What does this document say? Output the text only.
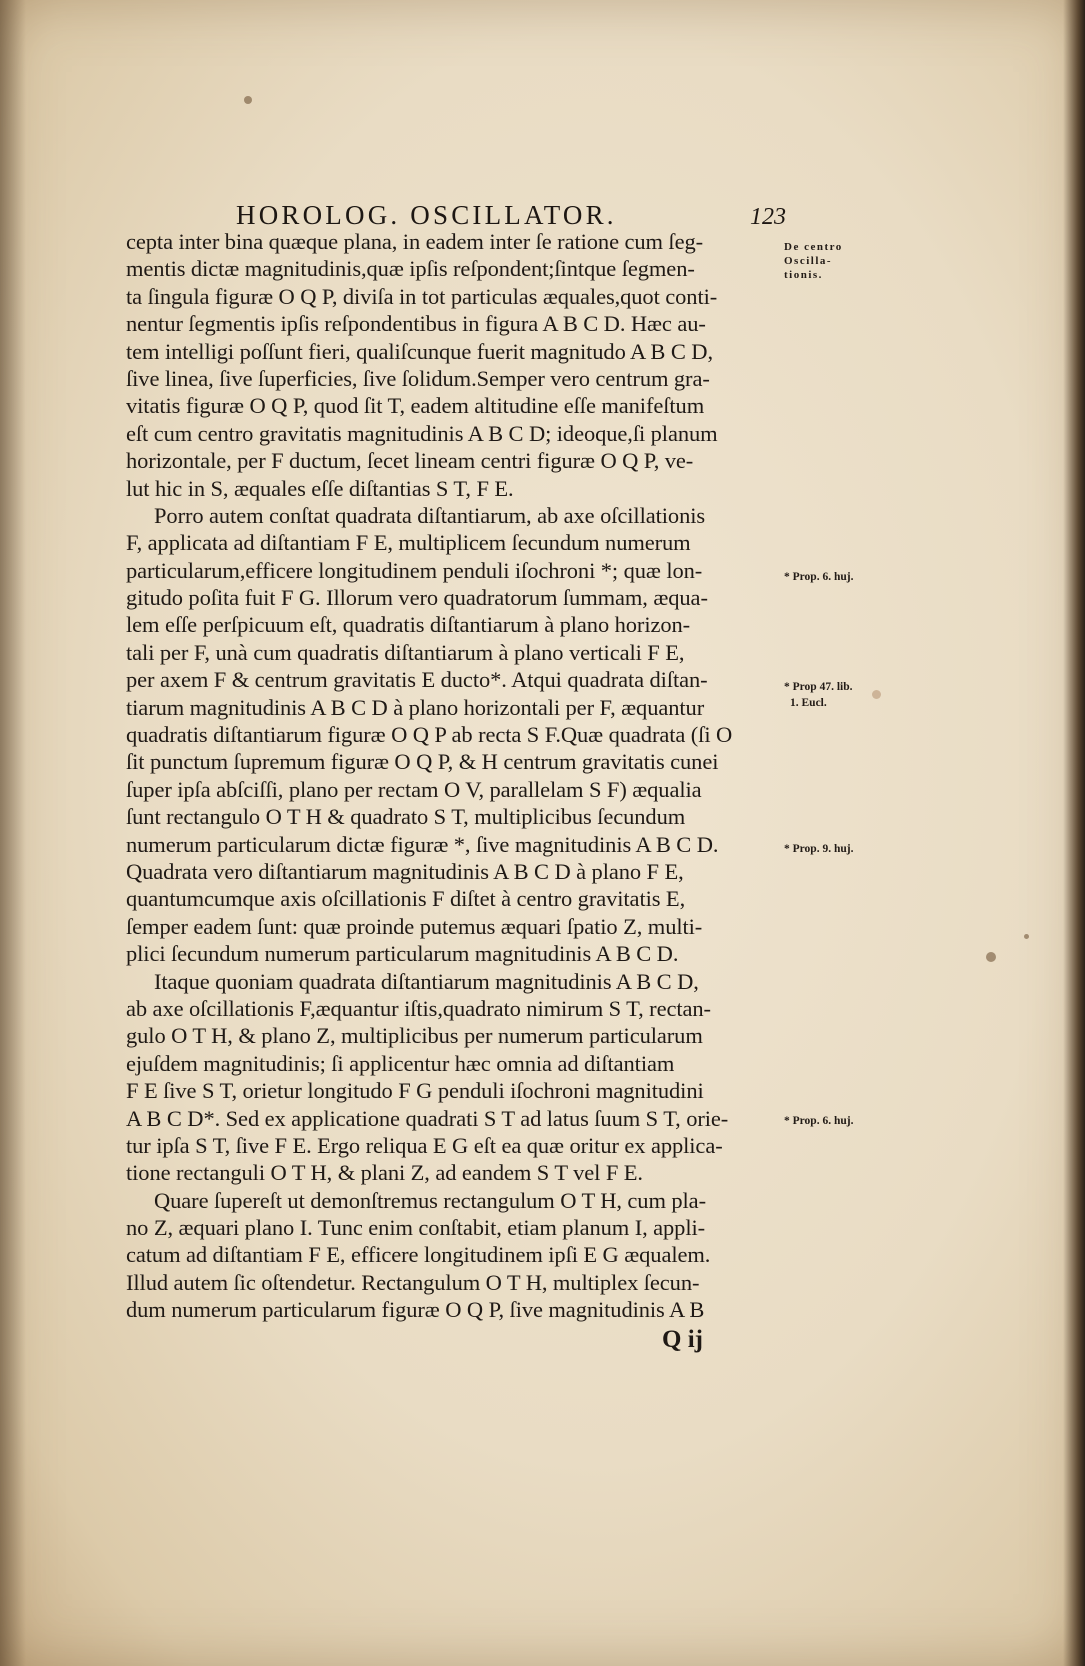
HOROLOG. OSCILLATOR.	123
cepta inter bina quæque plana, in eadem inter ſe ratione cum ſeg-
mentis dictæ magnitudinis,quæ ipſis reſpondent;ſintque ſegmen-
ta ſingula figuræ O Q P, diviſa in tot particulas æquales,quot conti-
nentur ſegmentis ipſis reſpondentibus in figura A B C D. Hæc au-
tem intelligi poſſunt fieri, qualiſcunque fuerit magnitudo A B C D,
ſive linea, ſive ſuperficies, ſive ſolidum.Semper vero centrum gra-
vitatis figuræ O Q P, quod ſit T, eadem altitudine eſſe manifeſtum
eſt cum centro gravitatis magnitudinis A B C D; ideoque,ſi planum
horizontale, per F ductum, ſecet lineam centri figuræ O Q P, ve-
lut hic in S, æquales eſſe diſtantias S T, F E.
Porro autem conſtat quadrata diſtantiarum, ab axe oſcillationis
F, applicata ad diſtantiam F E, multiplicem ſecundum numerum
particularum,efficere longitudinem penduli iſochroni *; quæ lon-
gitudo poſita fuit F G. Illorum vero quadratorum ſummam, æqua-
lem eſſe perſpicuum eſt, quadratis diſtantiarum à plano horizon-
tali per F, unà cum quadratis diſtantiarum à plano verticali F E,
per axem F & centrum gravitatis E ducto*. Atqui quadrata diſtan-
tiarum magnitudinis A B C D à plano horizontali per F, æquantur
quadratis diſtantiarum figuræ O Q P ab recta S F.Quæ quadrata (ſi O
ſit punctum ſupremum figuræ O Q P, & H centrum gravitatis cunei
ſuper ipſa abſciſſi, plano per rectam O V, parallelam S F) æqualia
ſunt rectangulo O T H & quadrato S T, multiplicibus ſecundum
numerum particularum dictæ figuræ *, ſive magnitudinis A B C D.
Quadrata vero diſtantiarum magnitudinis A B C D à plano F E,
quantumcumque axis oſcillationis F diſtet à centro gravitatis E,
ſemper eadem ſunt: quæ proinde putemus æquari ſpatio Z, multi-
plici ſecundum numerum particularum magnitudinis A B C D.
Itaque quoniam quadrata diſtantiarum magnitudinis A B C D,
ab axe oſcillationis F,æquantur iſtis,quadrato nimirum S T, rectan-
gulo O T H, & plano Z, multiplicibus per numerum particularum
ejuſdem magnitudinis; ſi applicentur hæc omnia ad diſtantiam
F E ſive S T, orietur longitudo F G penduli iſochroni magnitudini
A B C D*. Sed ex applicatione quadrati S T ad latus ſuum S T, orie-
tur ipſa S T, ſive F E. Ergo reliqua E G eſt ea quæ oritur ex applica-
tione rectanguli O T H, & plani Z, ad eandem S T vel F E.
Quare ſupereſt ut demonſtremus rectangulum O T H, cum pla-
no Z, æquari plano I. Tunc enim conſtabit, etiam planum I, appli-
catum ad diſtantiam F E, efficere longitudinem ipſi E G æqualem.
Illud autem ſic oſtendetur. Rectangulum O T H, multiplex ſecun-
dum numerum particularum figuræ O Q P, ſive magnitudinis A B
Q ij
De centro
Oscilla-
tionis.
* Prop. 6. huj.
* Prop 47. lib.
1. Eucl.
* Prop. 9. huj.
* Prop. 6. huj.
